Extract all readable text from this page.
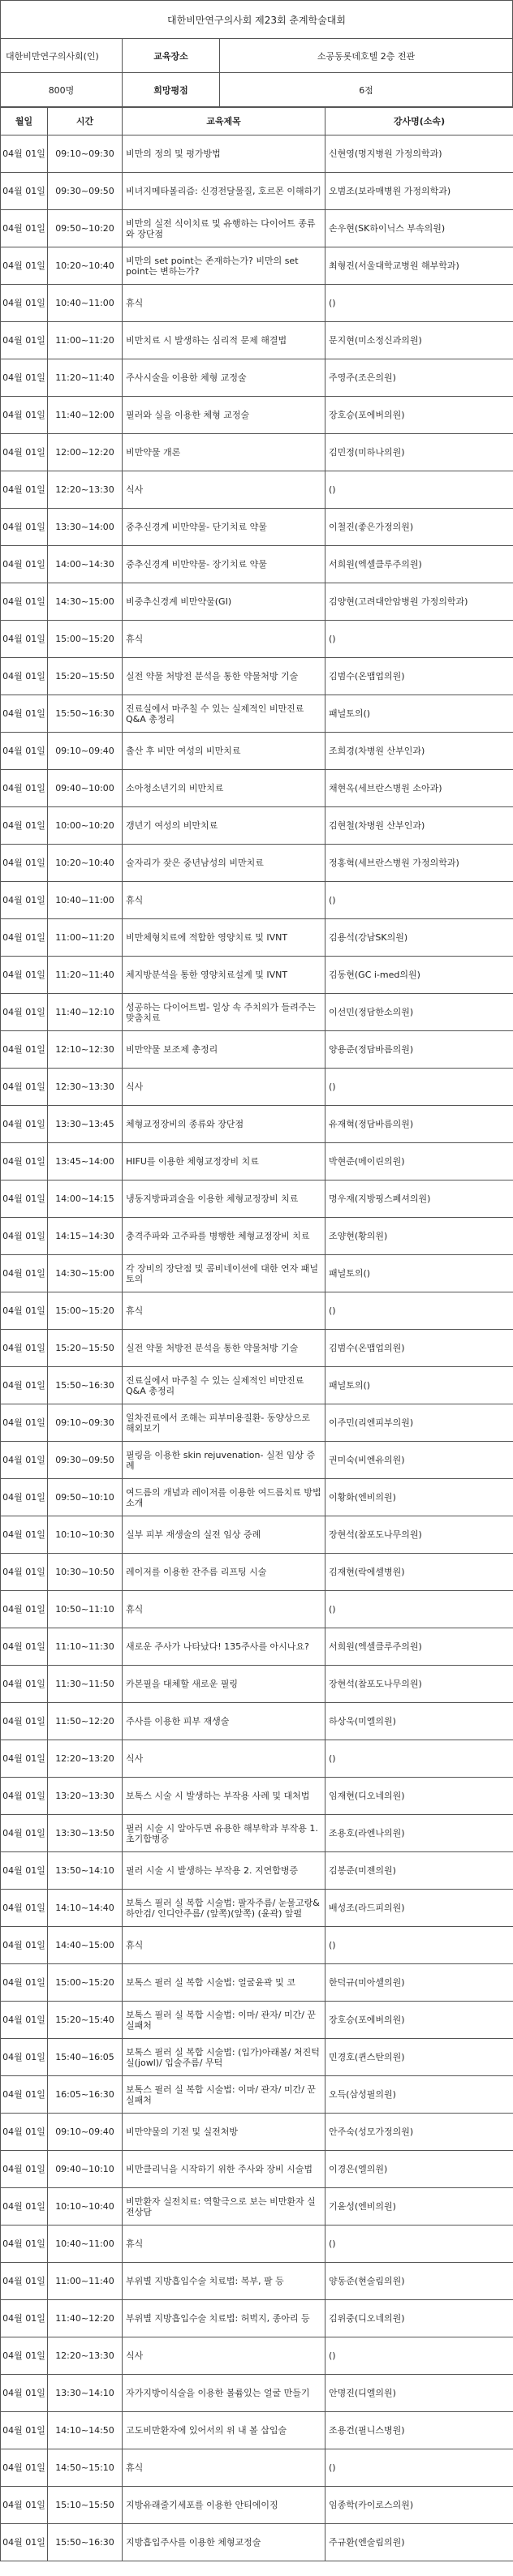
대한비만연구의사회 제23회 춘계학술대회
대한비만연구의사회(인)	교육장소	소공동롯데호텔 2층 전관
800명	희망평점	6점
월일	시간	교육제목	강사명(소속)
04월 01일	09:10~09:30	비만의 정의 및 평가방법	신현영(명지병원 가정의학과)
04월 01일	09:30~09:50	비녀지메타볼리즘: 신경전달물질, 호르몬 이해하기	오범조(보라매병원 가정의학과)
04월 01일	09:50~10:20	비만의 실전 식이치료 및 유행하는 다이어트 종류와 장단점	손우현(SK하이닉스 부속의원)
04월 01일	10:20~10:40	비만의 set point는 존재하는가? 비만의 set point는 변하는가?	최형진(서울대학교병원 해부학과)
04월 01일	10:40~11:00	휴식	()
04월 01일	11:00~11:20	비만치료 시 발생하는 심리적 문제 해결법	문지현(미소정신과의원)
04월 01일	11:20~11:40	주사시술을 이용한 체형 교정술	주영주(조은의원)
04월 01일	11:40~12:00	필러와 실을 이용한 체형 교정술	장호승(포에버의원)
04월 01일	12:00~12:20	비만약물 개론	김민정(미하나의원)
04월 01일	12:20~13:30	식사	()
04월 01일	13:30~14:00	중추신경계 비만약물- 단기치료 약물	이철진(좋은가정의원)
04월 01일	14:00~14:30	중추신경계 비만약물- 장기치료 약물	서희원(엑셀클루주의원)
04월 01일	14:30~15:00	비중추신경계 비만약물(GI)	김양현(고려대안암병원 가정의학과)
04월 01일	15:00~15:20	휴식	()
04월 01일	15:20~15:50	실전 약물 처방전 분석을 통한 약물처방 기술	김범수(온맵업의원)
04월 01일	15:50~16:30	진료실에서 마주칠 수 있는 실제적인 비만진료 Q&A 총정리	패널토의()
04월 01일	09:10~09:40	출산 후 비만 여성의 비만치료	조희경(차병원 산부인과)
04월 01일	09:40~10:00	소아청소년기의 비만치료	채현옥(세브란스병원 소아과)
04월 01일	10:00~10:20	갱년기 여성의 비만치료	김현철(차병원 산부인과)
04월 01일	10:20~10:40	술자리가 잦은 중년남성의 비만치료	정홍혁(세브란스병원 가정의학과)
04월 01일	10:40~11:00	휴식	()
04월 01일	11:00~11:20	비만체형치료에 적합한 영양치료 및 IVNT	김용석(강남SK의원)
04월 01일	11:20~11:40	체지방분석을 통한 영양치료설계 및 IVNT	김동현(GC i-med의원)
04월 01일	11:40~12:10	성공하는 다이어트법- 일상 속 주치의가 들려주는 맞춤치료	이선민(정담한소의원)
04월 01일	12:10~12:30	비만약물 보조제 총정리	양용준(정담바름의원)
04월 01일	12:30~13:30	식사	()
04월 01일	13:30~13:45	체형교정장비의 종류와 장단점	유재혁(정담바름의원)
04월 01일	13:45~14:00	HIFU를 이용한 체형교정장비 치료	박현준(메이린의원)
04월 01일	14:00~14:15	냉동지방파괴술을 이용한 체형교정장비 치료	명우재(지방핑스페셔의원)
04월 01일	14:15~14:30	충격주파와 고주파를 병행한 체형교정장비 치료	조양현(황의원)
04월 01일	14:30~15:00	각 장비의 장단점 및 콤비네이션에 대한 연자 패널토의	패널토의()
04월 01일	15:00~15:20	휴식	()
04월 01일	15:20~15:50	실전 약물 처방전 분석을 통한 약물처방 기술	김범수(온맵업의원)
04월 01일	15:50~16:30	진료실에서 마주칠 수 있는 실제적인 비만진료 Q&A 총정리	패널토의()
04월 01일	09:10~09:30	일차진료에서 조해는 피부미용질환- 동양상으로 해외보기	이주민(리엔피부의원)
04월 01일	09:30~09:50	필링을 이용한 skin rejuvenation- 실전 임상 증례	권미숙(비엔유의원)
04월 01일	09:50~10:10	여드름의 개념과 레이저를 이용한 여드름치료 방법 소개	이황화(엔비의원)
04월 01일	10:10~10:30	실부 피부 재생술의 실전 임상 증례	장현석(참포도나무의원)
04월 01일	10:30~10:50	레이저를 이용한 잔주름 리프팅 시술	김재현(락에셀병원)
04월 01일	10:50~11:10	휴식	()
04월 01일	11:10~11:30	새로운 주사가 나타났다! 135주사를 아시나요?	서희원(엑셀클루주의원)
04월 01일	11:30~11:50	카본필을 대체할 새로운 필링	장현석(참포도나무의원)
04월 01일	11:50~12:20	주사를 이용한 피부 재생술	하상욱(미엘의원)
04월 01일	12:20~13:20	식사	()
04월 01일	13:20~13:30	보톡스 시술 시 발생하는 부작용 사례 및 대처법	임재현(디오네의원)
04월 01일	13:30~13:50	필러 시술 시 알아두면 유용한 해부학과 부작용 1. 초기합병증	조용호(라엔나의원)
04월 01일	13:50~14:10	필러 시술 시 발생하는 부작용 2. 지연합병증	김봉준(미젠의원)
04월 01일	14:10~14:40	보톡스 필러 실 복합 시술법: 팔자주름/ 눈물고랑& 하안검/ 인디안주름/ (앞쪽)(앞쪽) (윤곽) 앞펄	배성조(라드피의원)
04월 01일	14:40~15:00	휴식	()
04월 01일	15:00~15:20	보톡스 필러 실 복합 시술법: 얼굴윤곽 및 코	한덕규(미아셀의원)
04월 01일	15:20~15:40	보톡스 필러 실 복합 시술법: 이마/ 관자/ 미간/ 꾼실패처	장호승(포에버의원)
04월 01일	15:40~16:05	보톡스 필러 실 복합 시술법: (입가)아래볼/ 처진턱실(jowl)/ 입술주름/ 무턱	민경호(퀸스탄의원)
04월 01일	16:05~16:30	보톡스 필러 실 복합 시술법: 이마/ 관자/ 미간/ 꾼실패처	오득(삼성필의원)
04월 01일	09:10~09:40	비만약물의 기전 및 실전처방	안주숙(성모가정의원)
04월 01일	09:40~10:10	비만클리닉을 시작하기 위한 주사와 장비 시술법	이경은(엘의원)
04월 01일	10:10~10:40	비만환자 실전치료: 역할극으로 보는 비만환자 실전상담	기윤성(엔비의원)
04월 01일	10:40~11:00	휴식	()
04월 01일	11:00~11:40	부위별 지방흡입수술 치료법: 복부, 팔 등	양동준(현술림의원)
04월 01일	11:40~12:20	부위별 지방흡입수술 치료법: 허벅지, 종아리 등	김위중(디오네의원)
04월 01일	12:20~13:30	식사	()
04월 01일	13:30~14:10	자가지방이식술을 이용한 볼륨있는 얼굴 만들기	안명진(디엘의원)
04월 01일	14:10~14:50	고도비만환자에 있어서의 위 내 볼 삽입술	조용건(필니스병원)
04월 01일	14:50~15:10	휴식	()
04월 01일	15:10~15:50	지방유래줄기세포를 이용한 안티에이징	임종학(카이로스의원)
04월 01일	15:50~16:30	지방흡입주사를 이용한 체형교정술	주규환(엔술림의원)
